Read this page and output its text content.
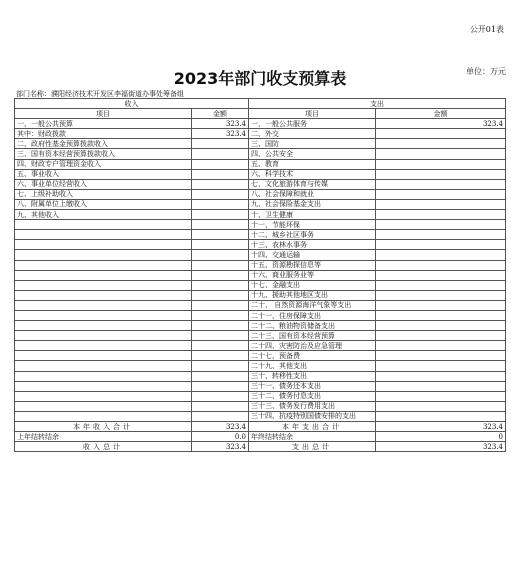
公开01表
2023年部门收支预算表	单位：万元
部门名称：濮阳经济技术开发区李福街道办事处筹备组
收入		支出	
项目	金额	项目	金额
一、一般公共预算	323.4	一、一般公共服务	323.4
其中：财政拨款	323.4	二、外交	
二、政府性基金预算拨款收入		三、国防	
三、国有资本经营预算拨款收入		四、公共安全	
四、财政专户管理资金收入		五、教育	
五、事业收入		六、科学技术	
六、事业单位经营收入		七、文化旅游体育与传媒	
七、上级补助收入		八、社会保障和就业	
八、附属单位上缴收入		九、社会保险基金支出	
九、其他收入		十、卫生健康	
		十一、节能环保	
		十二、城乡社区事务	
		十三、农林水事务	
		十四、交通运输	
		十五、资源勘探信息等	
		十六、商业服务业等	
		十七、金融支出	
		十九、援助其他地区支出	
		二十、 自然资源海洋气象等支出	
		二十一、住房保障支出	
		二十二、粮油物资储备支出	
		二十三、国有资本经营预算	
		二十四、灾害防治及应急管理	
		二十七、预备费	
		二十九、其他支出	
		三十、转移性支出	
		三十一、债务还本支出	
		三十二、债务付息支出	
		三十三、债务发行费用支出	
		三十四、抗疫特别国债安排的支出	
本年收入合计	323.4	本年支出合计	323.4
上年结转结余	0.0	年终结转结余	0
收入总计	323.4	支出总计	323.4
